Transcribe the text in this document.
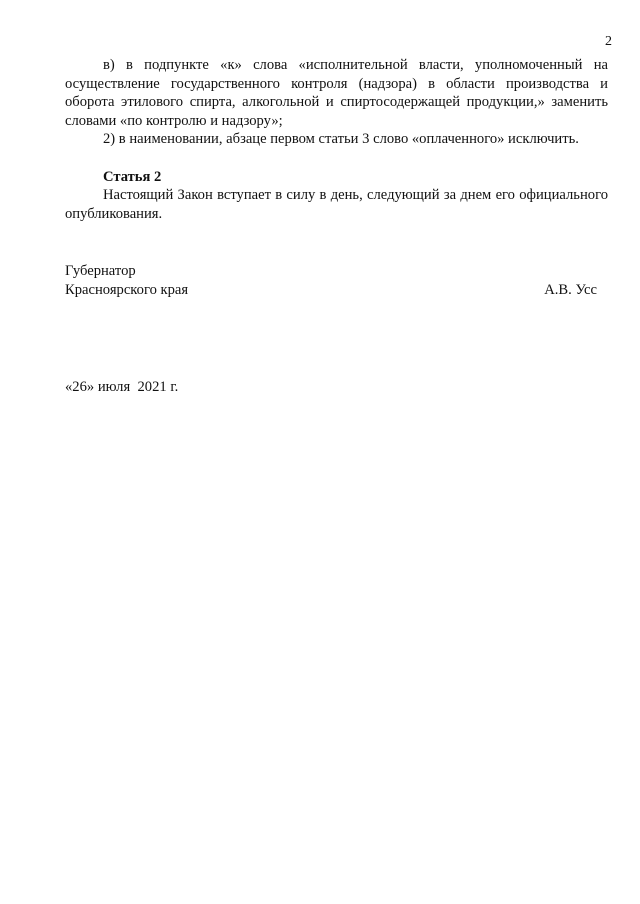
2

в) в подпункте «к» слова «исполнительной власти, уполномоченный на осуществление государственного контроля (надзора) в области производства и оборота этилового спирта, алкогольной и спиртосодержащей продукции,» заменить словами «по контролю и надзору»;

2) в наименовании, абзаце первом статьи 3 слово «оплаченного» исключить.

Статья 2

Настоящий Закон вступает в силу в день, следующий за днем его официального опубликования.

Губернатор
Красноярского края	А.В. Усс
«26» июля  2021 г.
